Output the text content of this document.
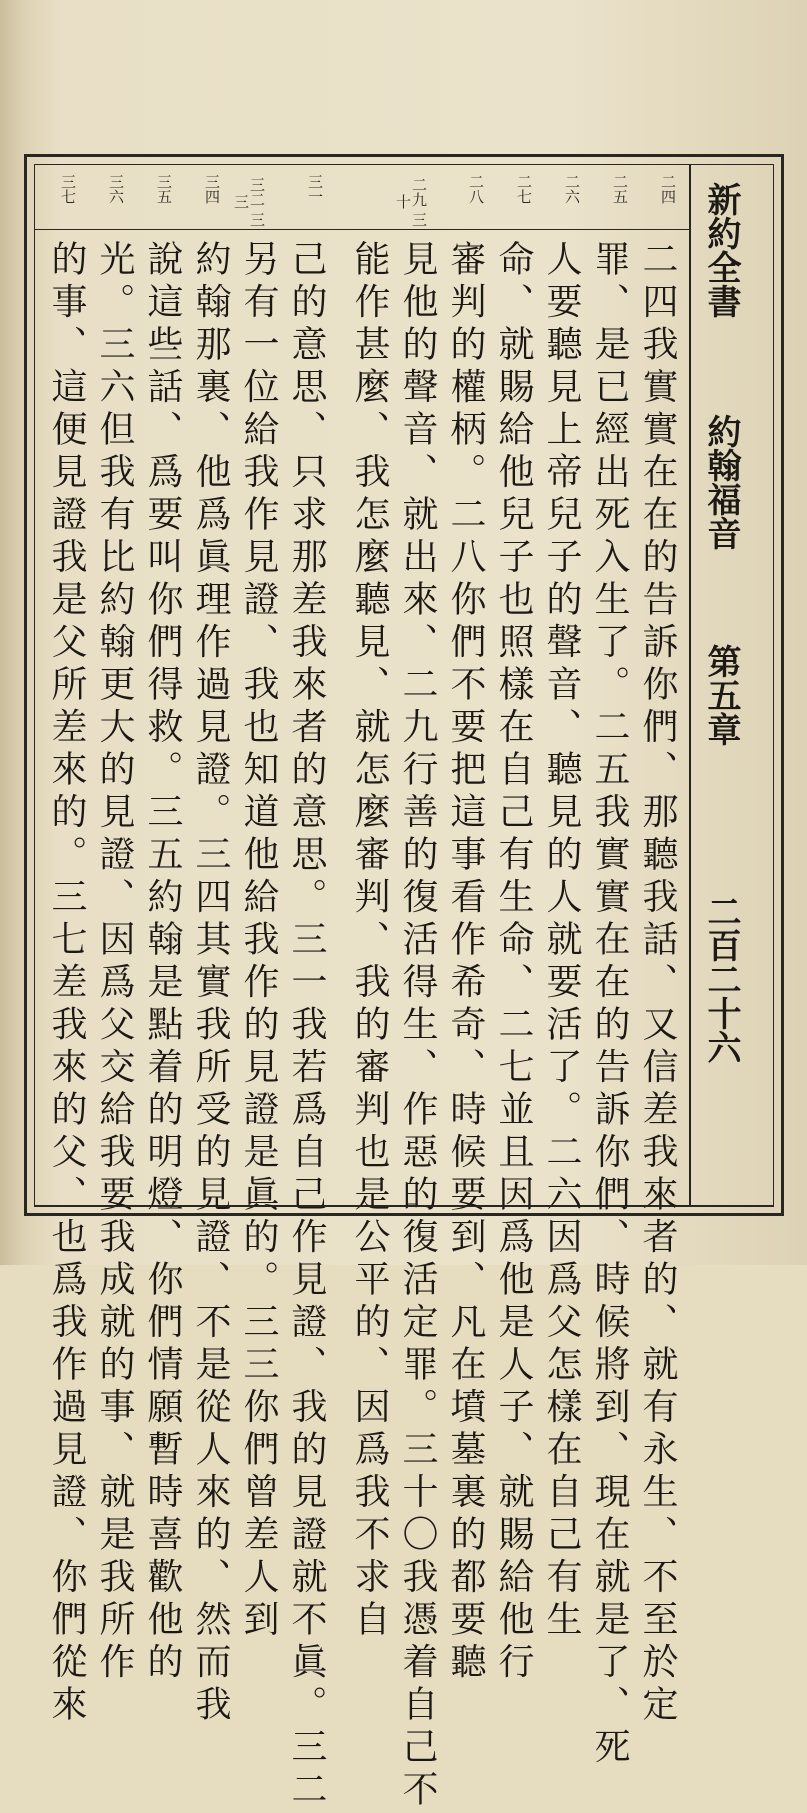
新約全書
約翰福音
第五章
二百二十六
二四
二五
二六
二七
二八
二九 三十
三一
三二 三三
三四
三五
三六
三七
二四我實實在在的告訴你們、那聽我話、又信差我來者的、就有永生、不至於定
罪、是已經出死入生了。二五我實實在在的告訴你們、時候將到、現在就是了、死
人要聽見上帝兒子的聲音、聽見的人就要活了。二六因爲父怎樣在自己有生
命、就賜給他兒子也照樣在自己有生命、二七並且因爲他是人子、就賜給他行
審判的權柄。二八你們不要把這事看作希奇、時候要到、凡在墳墓裏的都要聽
見他的聲音、就出來、二九行善的復活得生、作惡的復活定罪。三十〇我憑着自己不
能作甚麼、我怎麼聽見、就怎麼審判、我的審判也是公平的、因爲我不求自
己的意思、只求那差我來者的意思。三一我若爲自己作見證、我的見證就不眞。三二
另有一位給我作見證、我也知道他給我作的見證是眞的。三三你們曾差人到
約翰那裏、他爲眞理作過見證。三四其實我所受的見證、不是從人來的、然而我
說這些話、爲要叫你們得救。三五約翰是點着的明燈、你們情願暫時喜歡他的
光。三六但我有比約翰更大的見證、因爲父交給我要我成就的事、就是我所作
的事、這便見證我是父所差來的。三七差我來的父、也爲我作過見證、你們從來
